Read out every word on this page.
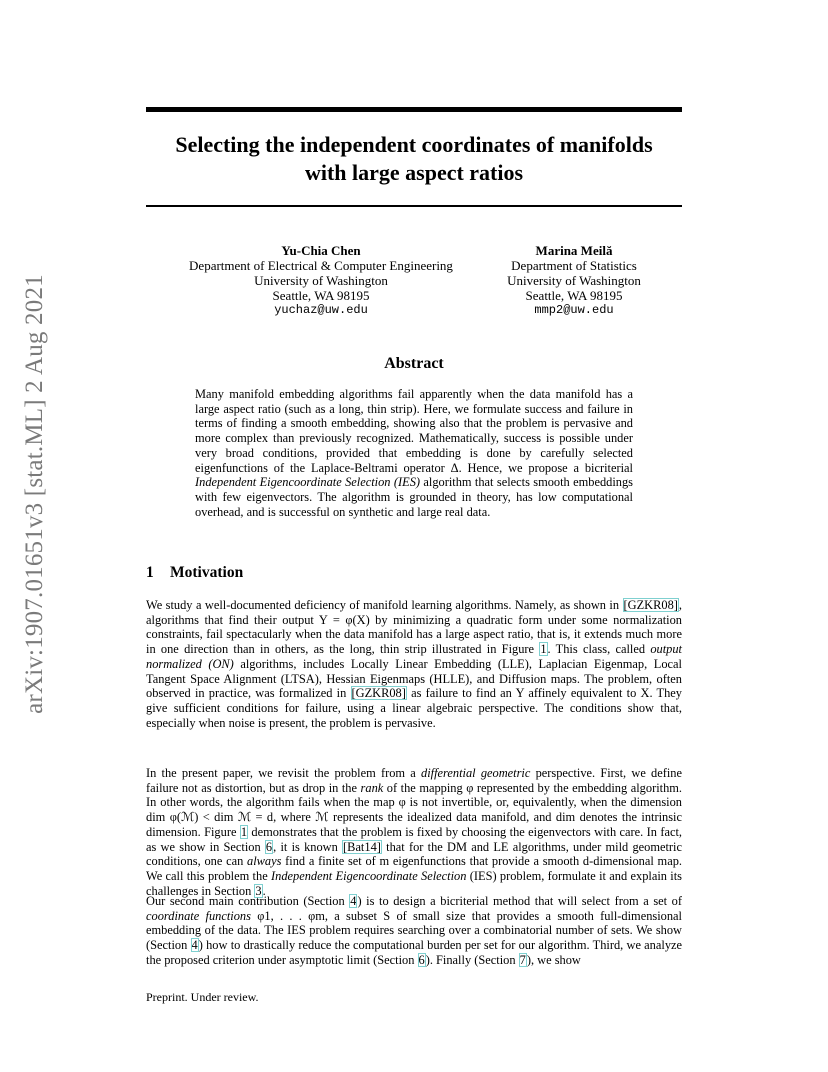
arXiv:1907.01651v3 [stat.ML] 2 Aug 2021
Selecting the independent coordinates of manifolds
with large aspect ratios
Yu-Chia Chen
Department of Electrical & Computer Engineering
University of Washington
Seattle, WA 98195
yuchaz@uw.edu
Marina Meilă
Department of Statistics
University of Washington
Seattle, WA 98195
mmp2@uw.edu
Abstract
Many manifold embedding algorithms fail apparently when the data manifold has a large aspect ratio (such as a long, thin strip). Here, we formulate success and failure in terms of finding a smooth embedding, showing also that the problem is pervasive and more complex than previously recognized. Mathematically, success is possible under very broad conditions, provided that embedding is done by carefully selected eigenfunctions of the Laplace-Beltrami operator Δ. Hence, we propose a bicriterial Independent Eigencoordinate Selection (IES) algorithm that selects smooth embeddings with few eigenvectors. The algorithm is grounded in theory, has low computational overhead, and is successful on synthetic and large real data.
1 Motivation
We study a well-documented deficiency of manifold learning algorithms. Namely, as shown in [GZKR08], algorithms that find their output Y = φ(X) by minimizing a quadratic form under some normalization constraints, fail spectacularly when the data manifold has a large aspect ratio, that is, it extends much more in one direction than in others, as the long, thin strip illustrated in Figure 1. This class, called output normalized (ON) algorithms, includes Locally Linear Embedding (LLE), Laplacian Eigenmap, Local Tangent Space Alignment (LTSA), Hessian Eigenmaps (HLLE), and Diffusion maps. The problem, often observed in practice, was formalized in [GZKR08] as failure to find an Y affinely equivalent to X. They give sufficient conditions for failure, using a linear algebraic perspective. The conditions show that, especially when noise is present, the problem is pervasive.
In the present paper, we revisit the problem from a differential geometric perspective. First, we define failure not as distortion, but as drop in the rank of the mapping φ represented by the embedding algorithm. In other words, the algorithm fails when the map φ is not invertible, or, equivalently, when the dimension dim φ(ℳ) < dim ℳ = d, where ℳ represents the idealized data manifold, and dim denotes the intrinsic dimension. Figure 1 demonstrates that the problem is fixed by choosing the eigenvectors with care. In fact, as we show in Section 6, it is known [Bat14] that for the DM and LE algorithms, under mild geometric conditions, one can always find a finite set of m eigenfunctions that provide a smooth d-dimensional map. We call this problem the Independent Eigencoordinate Selection (IES) problem, formulate it and explain its challenges in Section 3.
Our second main contribution (Section 4) is to design a bicriterial method that will select from a set of coordinate functions φ1, . . . φm, a subset S of small size that provides a smooth full-dimensional embedding of the data. The IES problem requires searching over a combinatorial number of sets. We show (Section 4) how to drastically reduce the computational burden per set for our algorithm. Third, we analyze the proposed criterion under asymptotic limit (Section 6). Finally (Section 7), we show
Preprint. Under review.
